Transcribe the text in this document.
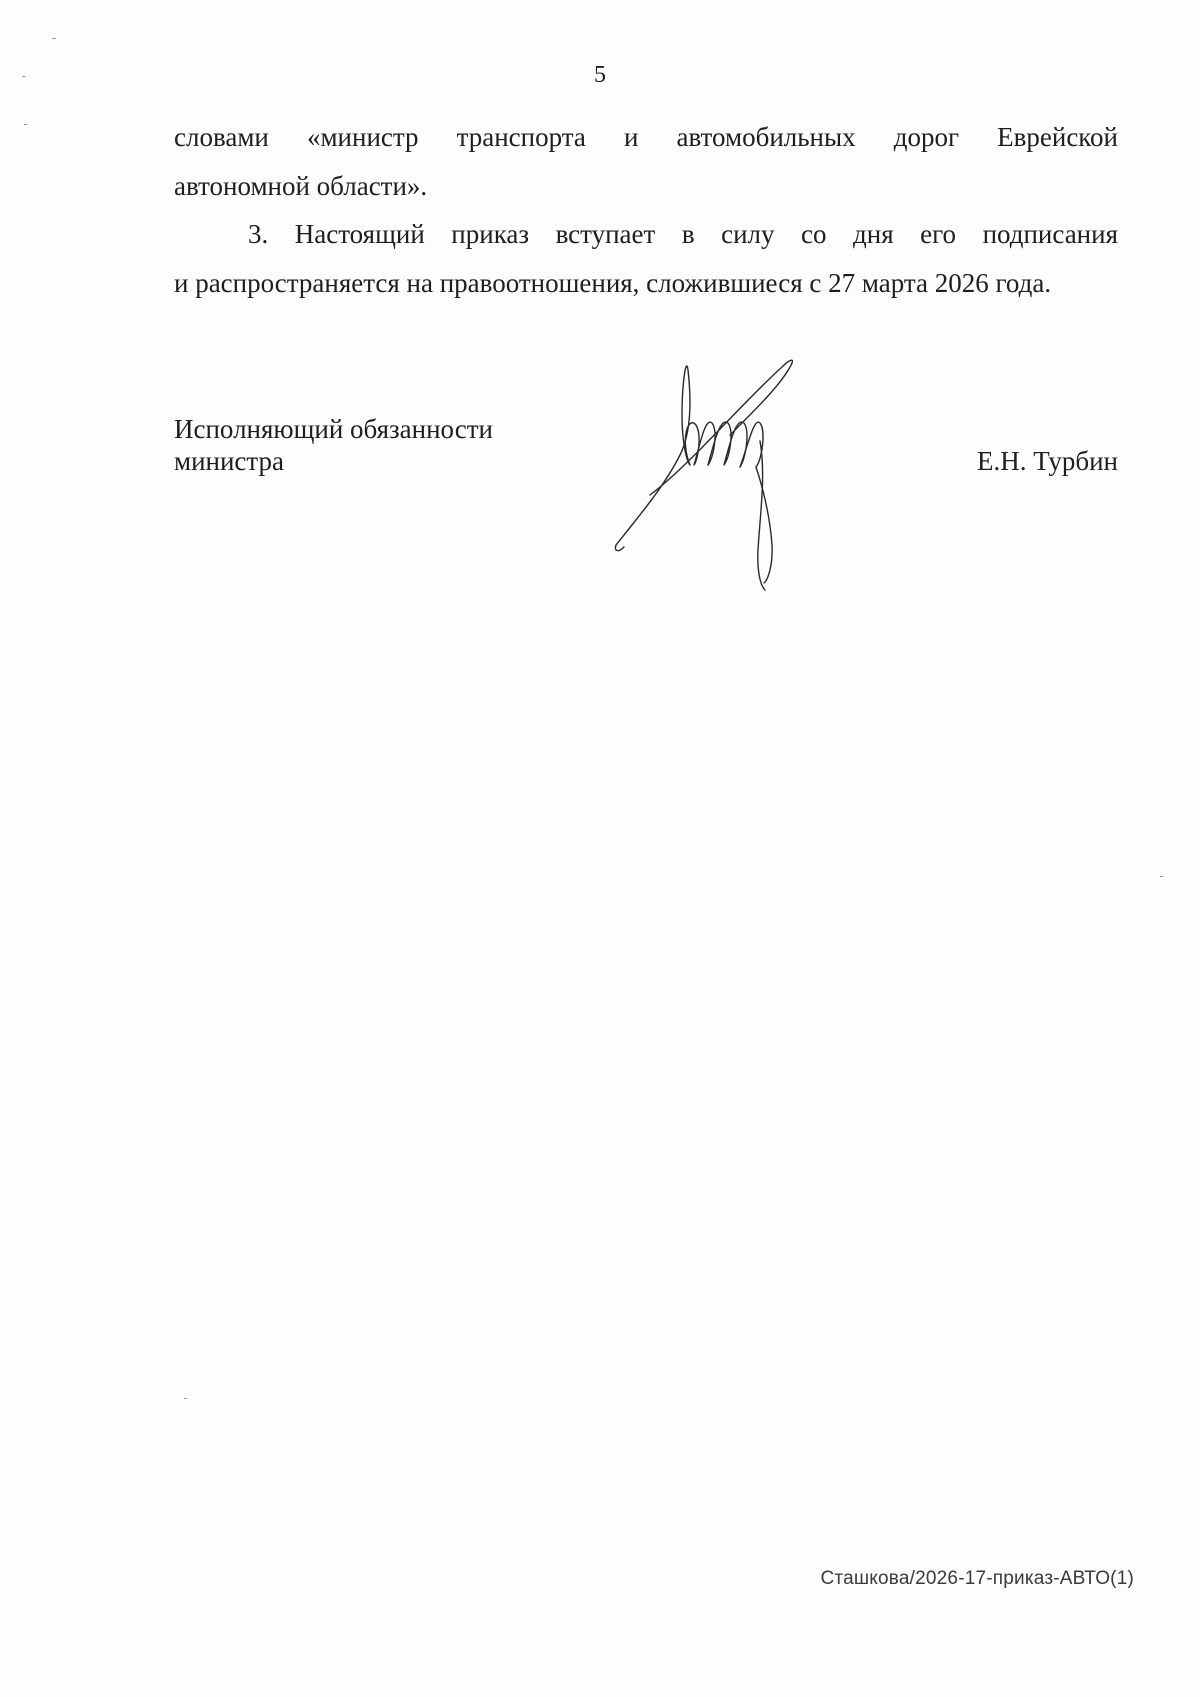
5
словами «министр транспорта и автомобильных дорог Еврейской
автономной области».
3. Настоящий приказ вступает в силу со дня его подписания
и распространяется на правоотношения, сложившиеся с 27 марта 2026 года.
Исполняющий обязанности
министра	Е.Н. Турбин
Сташкова/2026-17-приказ-АВТО(1)
